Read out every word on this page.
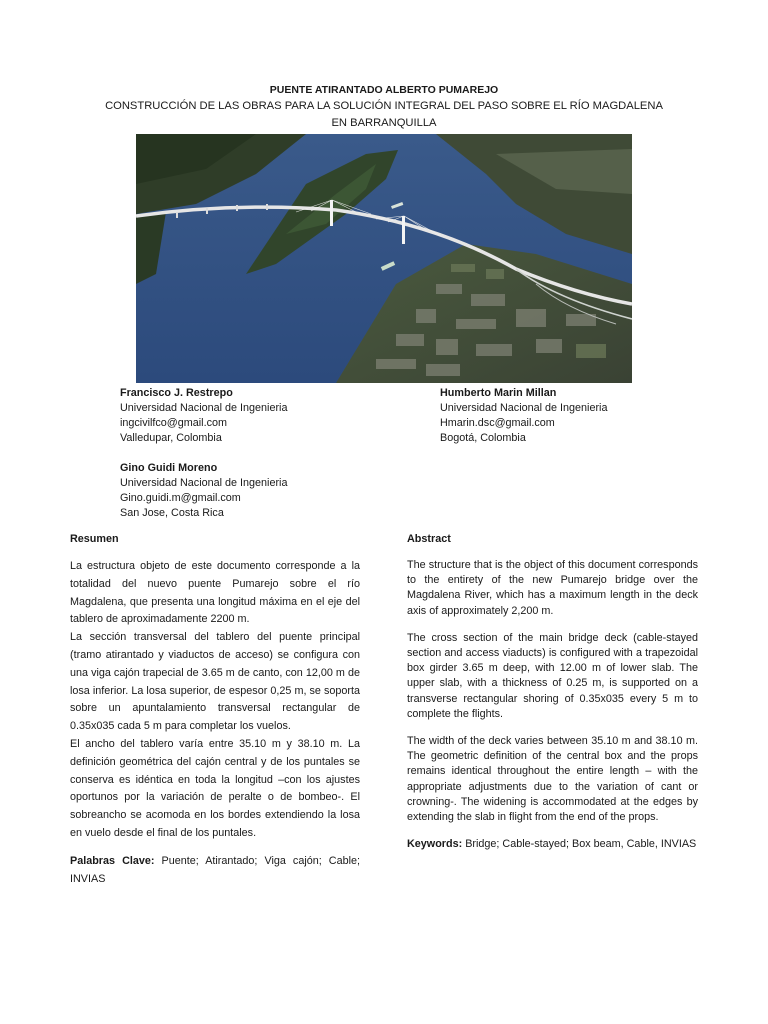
PUENTE ATIRANTADO ALBERTO PUMAREJO
CONSTRUCCIÓN DE LAS OBRAS PARA LA SOLUCIÓN INTEGRAL DEL PASO SOBRE EL RÍO MAGDALENA EN BARRANQUILLA
Francisco J. Restrepo
Universidad Nacional de Ingenieria
ingcivilfco@gmail.com
Valledupar, Colombia
Humberto Marin Millan
Universidad Nacional de Ingenieria
Hmarin.dsc@gmail.com
Bogotá, Colombia
Gino Guidi Moreno
Universidad Nacional de Ingenieria
Gino.guidi.m@gmail.com
San Jose, Costa Rica
Resumen	Abstract

La estructura objeto de este documento corresponde a la totalidad del nuevo puente Pumarejo sobre el río Magdalena, que presenta una longitud máxima en el eje del tablero de aproximadamente 2200 m.

La sección transversal del tablero del puente principal (tramo atirantado y viaductos de acceso) se configura con una viga cajón trapecial de 3.65 m de canto, con 12,00 m de losa inferior. La losa superior, de espesor 0,25 m, se soporta sobre un apuntalamiento transversal rectangular de 0.35x035 cada 5 m para completar los vuelos.

El ancho del tablero varía entre 35.10 m y 38.10 m. La definición geométrica del cajón central y de los puntales se conserva es idéntica en toda la longitud –con los ajustes oportunos por la variación de peralte o de bombeo-. El sobreancho se acomoda en los bordes extendiendo la losa en vuelo desde el final de los puntales.

Palabras Clave: Puente; Atirantado; Viga cajón; Cable; INVIAS

The structure that is the object of this document corresponds to the entirety of the new Pumarejo bridge over the Magdalena River, which has a maximum length in the deck axis of approximately 2,200 m.

The cross section of the main bridge deck (cable-stayed section and access viaducts) is configured with a trapezoidal box girder 3.65 m deep, with 12.00 m of lower slab. The upper slab, with a thickness of 0.25 m, is supported on a transverse rectangular shoring of 0.35x035 every 5 m to complete the flights.

The width of the deck varies between 35.10 m and 38.10 m. The geometric definition of the central box and the props remains identical throughout the entire length – with the appropriate adjustments due to the variation of cant or crowning-. The widening is accommodated at the edges by extending the slab in flight from the end of the props.

Keywords: Bridge; Cable-stayed; Box beam, Cable, INVIAS
